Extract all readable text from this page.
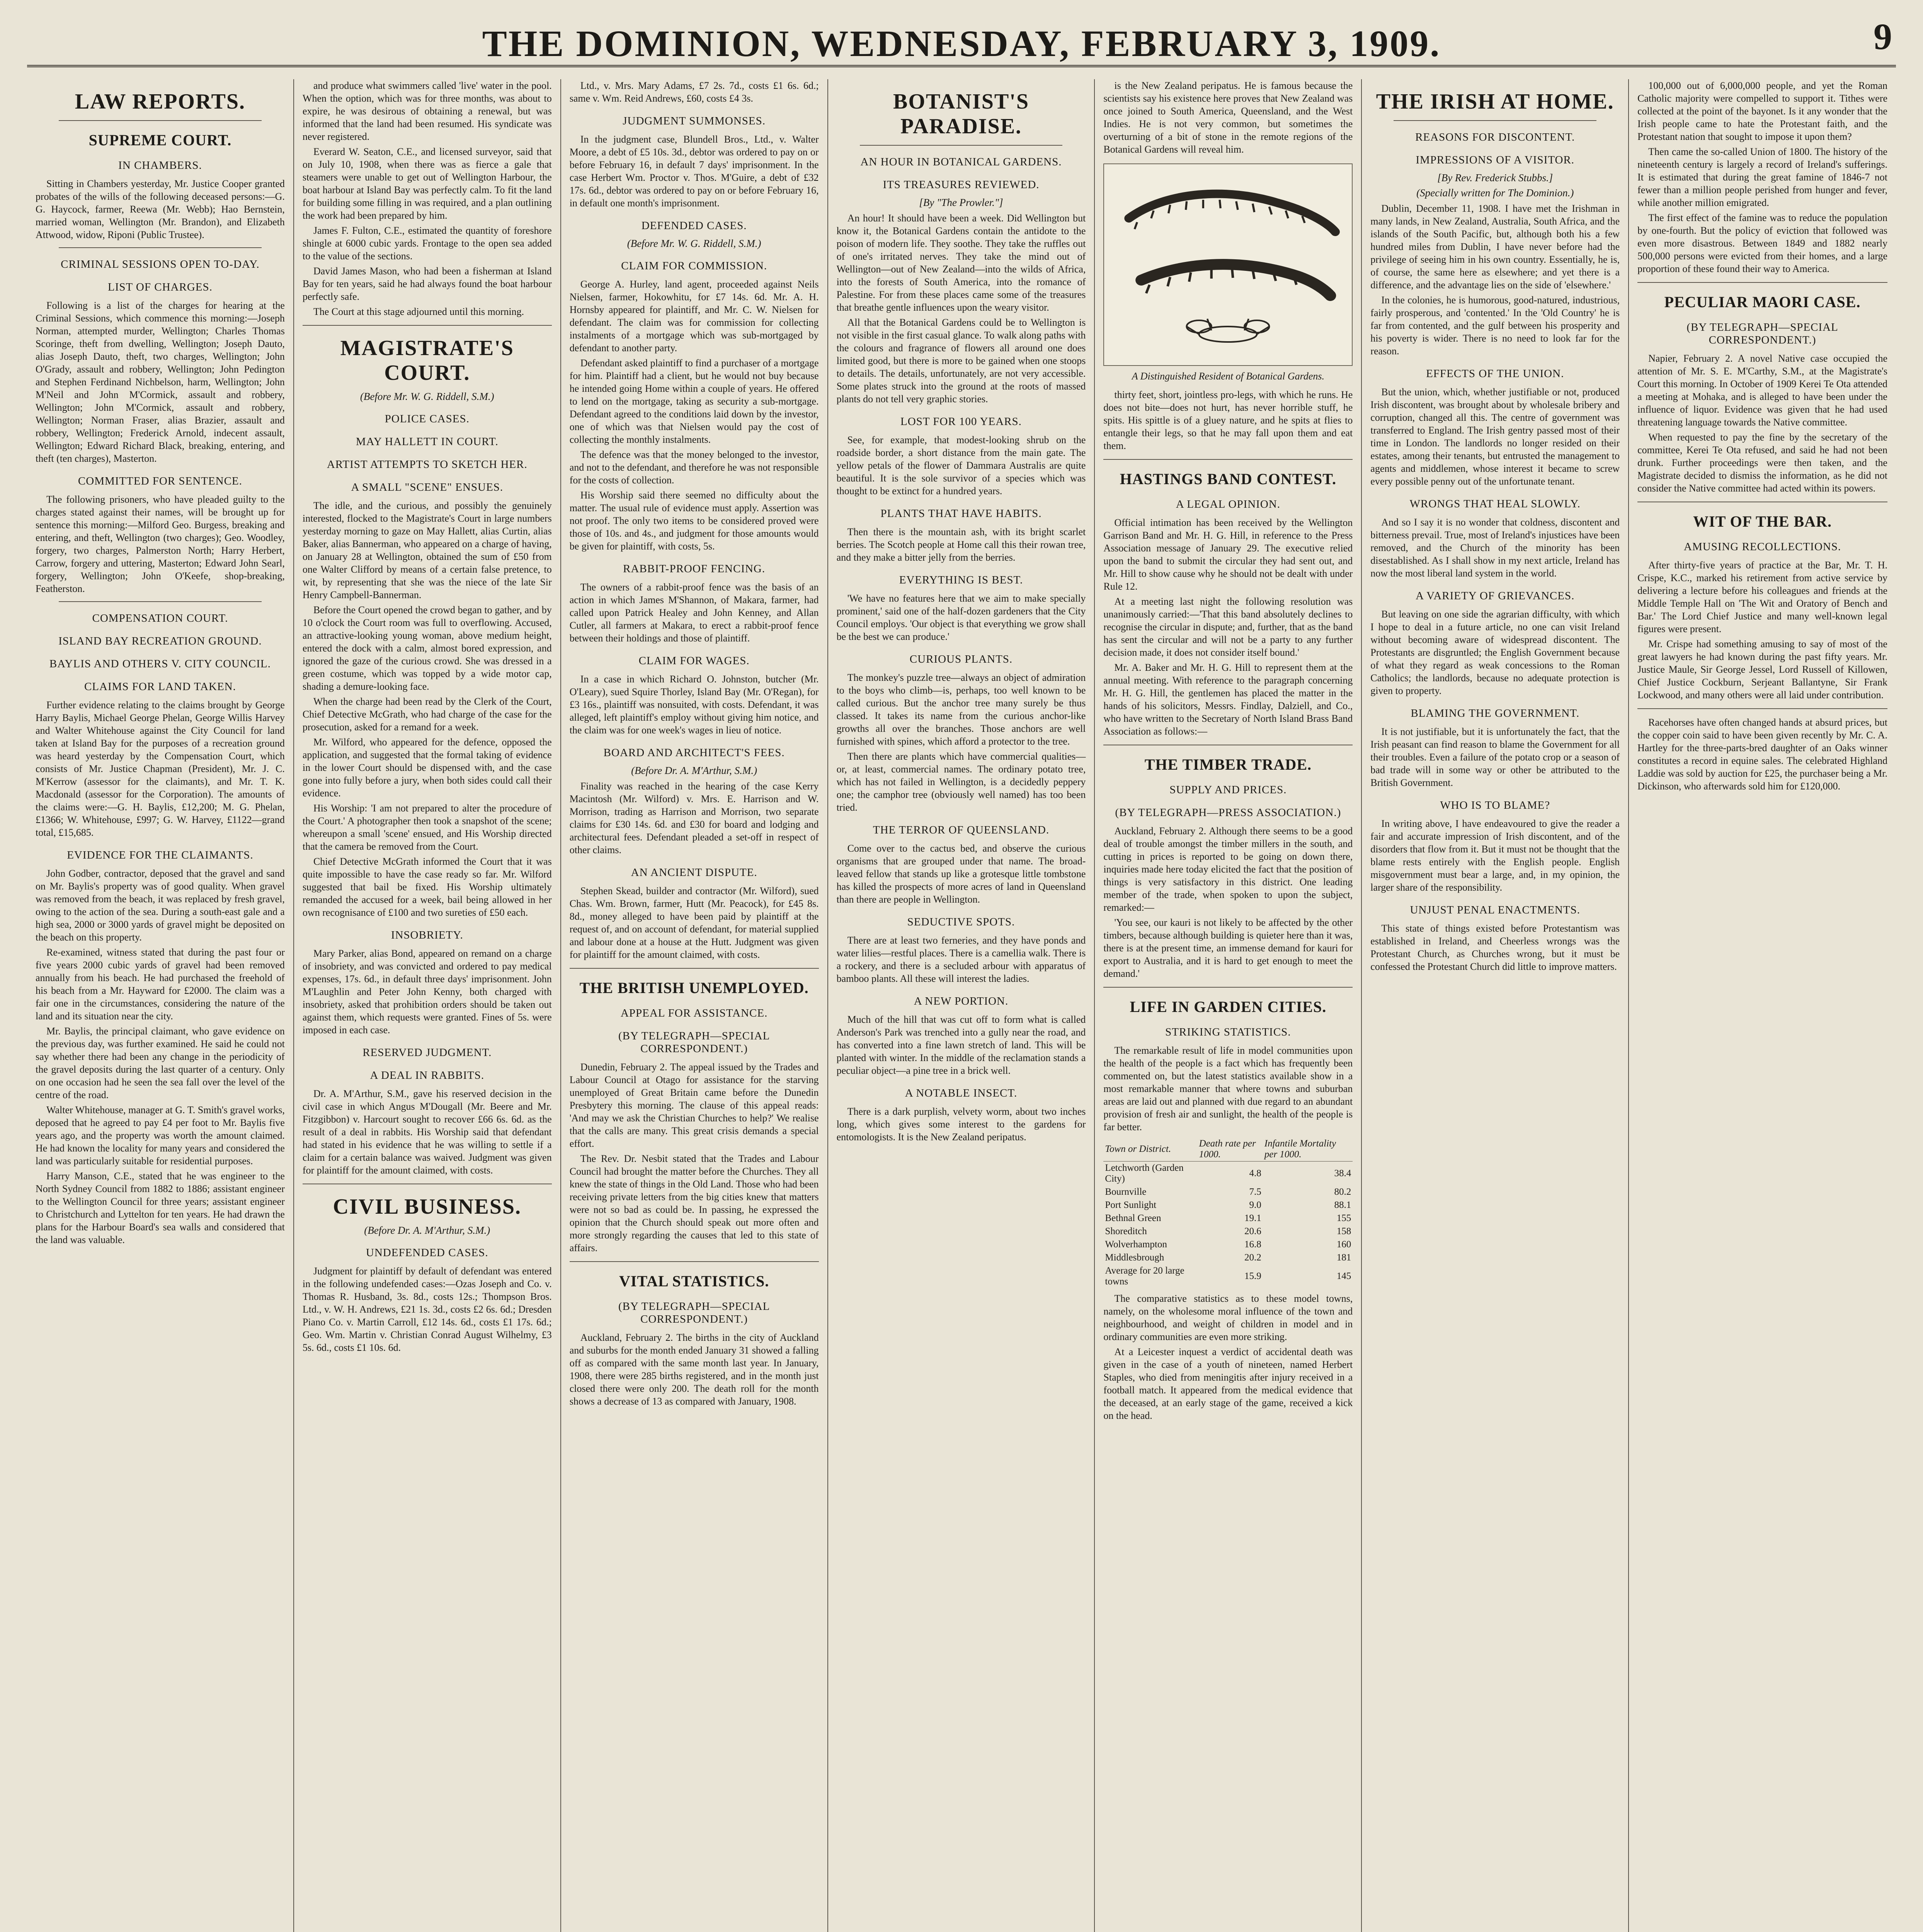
THE DOMINION, WEDNESDAY, FEBRUARY 3, 1909.	9
LAW REPORTS.
SUPREME COURT.
IN CHAMBERS.

Sitting in Chambers yesterday, Mr. Justice Cooper granted probates of the wills of the following deceased persons:—G. G. Haycock, farmer, Reewa (Mr. Webb); Hao Bernstein, married woman, Wellington (Mr. Brandon), and Elizabeth Attwood, widow, Riponi (Public Trustee).

CRIMINAL SESSIONS OPEN TO-DAY.
LIST OF CHARGES.

Following is a list of the charges for hearing at the Criminal Sessions, which commence this morning:—Joseph Norman, attempted murder, Wellington; Charles Thomas Scoringe, theft from dwelling, Wellington; Joseph Dauto, alias Joseph Dauto, theft, two charges, Wellington; John O'Grady, assault and robbery, Wellington; John Pedington and Stephen Ferdinand Nichbelson, harm, Wellington; John M'Neil and John M'Cormick, assault and robbery, Wellington; John M'Cormick, assault and robbery, Wellington; Norman Fraser, alias Brazier, assault and robbery, Wellington; Frederick Arnold, indecent assault, Wellington; Edward Richard Black, breaking, entering, and theft (ten charges), Masterton.

COMMITTED FOR SENTENCE.

The following prisoners, who have pleaded guilty to the charges stated against their names, will be brought up for sentence this morning:—Milford Geo. Burgess, breaking and entering, and theft, Wellington (two charges); Geo. Woodley, forgery, two charges, Palmerston North; Harry Herbert, Carrow, forgery and uttering, Masterton; Edward John Searl, forgery, Wellington; John O'Keefe, shop-breaking, Featherston.

COMPENSATION COURT.
ISLAND BAY RECREATION GROUND.
BAYLIS AND OTHERS V. CITY COUNCIL.
CLAIMS FOR LAND TAKEN.

Further evidence relating to the claims brought by George Harry Baylis, Michael George Phelan, George Willis Harvey and Walter Whitehouse against the City Council for land taken at Island Bay for the purposes of a recreation ground was heard yesterday by the Compensation Court, which consists of Mr. Justice Chapman (President), Mr. J. C. M'Kerrow (assessor for the claimants), and Mr. T. K. Macdonald (assessor for the Corporation). The amounts of the claims were:—G. H. Baylis, £12,200; M. G. Phelan, £1366; W. Whitehouse, £997; G. W. Harvey, £1122—grand total, £15,685.

EVIDENCE FOR THE CLAIMANTS.

John Godber, contractor, deposed that the gravel and sand on Mr. Baylis's property was of good quality. When gravel was removed from the beach, it was replaced by fresh gravel, owing to the action of the sea. During a south-east gale and a high sea, 2000 or 3000 yards of gravel might be deposited on the beach on this property.

Re-examined, witness stated that during the past four or five years 2000 cubic yards of gravel had been removed annually from his beach. He had purchased the freehold of his beach from a Mr. Hayward for £2000. The claim was a fair one in the circumstances, considering the nature of the land and its situation near the city.

Mr. Baylis, the principal claimant, who gave evidence on the previous day, was further examined. He said he could not say whether there had been any change in the periodicity of the gravel deposits during the last quarter of a century. Only on one occasion had he seen the sea fall over the level of the centre of the road.

Walter Whitehouse, manager at G. T. Smith's gravel works, deposed that he agreed to pay £4 per foot to Mr. Baylis five years ago, and the property was worth the amount claimed. He had known the locality for many years and considered the land was particularly suitable for residential purposes.

Harry Manson, C.E., stated that he was engineer to the North Sydney Council from 1882 to 1886; assistant engineer to the Wellington Council for three years; assistant engineer to Christchurch and Lyttelton for ten years. He had drawn the plans for the Harbour Board's sea walls and considered that the land was valuable.

and produce what swimmers called 'live' water in the pool. When the option, which was for three months, was about to expire, he was desirous of obtaining a renewal, but was informed that the land had been resumed. His syndicate was never registered.

Everard W. Seaton, C.E., and licensed surveyor, said that on July 10, 1908, when there was as fierce a gale that steamers were unable to get out of Wellington Harbour, the boat harbour at Island Bay was perfectly calm. To fit the land for building some filling in was required, and a plan outlining the work had been prepared by him.

James F. Fulton, C.E., estimated the quantity of foreshore shingle at 6000 cubic yards. Frontage to the open sea added to the value of the sections.

David James Mason, who had been a fisherman at Island Bay for ten years, said he had always found the boat harbour perfectly safe.

The Court at this stage adjourned until this morning.

MAGISTRATE'S COURT.
(Before Mr. W. G. Riddell, S.M.)
POLICE CASES.
MAY HALLETT IN COURT.
ARTIST ATTEMPTS TO SKETCH HER.
A SMALL "SCENE" ENSUES.

The idle, and the curious, and possibly the genuinely interested, flocked to the Magistrate's Court in large numbers yesterday morning to gaze on May Hallett, alias Curtin, alias Baker, alias Bannerman, who appeared on a charge of having, on January 28 at Wellington, obtained the sum of £50 from one Walter Clifford by means of a certain false pretence, to wit, by representing that she was the niece of the late Sir Henry Campbell-Bannerman.

Before the Court opened the crowd began to gather, and by 10 o'clock the Court room was full to overflowing. Accused, an attractive-looking young woman, above medium height, entered the dock with a calm, almost bored expression, and ignored the gaze of the curious crowd. She was dressed in a green costume, which was topped by a wide motor cap, shading a demure-looking face.

When the charge had been read by the Clerk of the Court, Chief Detective McGrath, who had charge of the case for the prosecution, asked for a remand for a week.

Mr. Wilford, who appeared for the defence, opposed the application, and suggested that the formal taking of evidence in the lower Court should be dispensed with, and the case gone into fully before a jury, when both sides could call their evidence.

His Worship: 'I am not prepared to alter the procedure of the Court.' A photographer then took a snapshot of the scene; whereupon a small 'scene' ensued, and His Worship directed that the camera be removed from the Court.

Chief Detective McGrath informed the Court that it was quite impossible to have the case ready so far. Mr. Wilford suggested that bail be fixed. His Worship ultimately remanded the accused for a week, bail being allowed in her own recognisance of £100 and two sureties of £50 each.

INSOBRIETY.

Mary Parker, alias Bond, appeared on remand on a charge of insobriety, and was convicted and ordered to pay medical expenses, 17s. 6d., in default three days' imprisonment. John M'Laughlin and Peter John Kenny, both charged with insobriety, asked that prohibition orders should be taken out against them, which requests were granted. Fines of 5s. were imposed in each case.

RESERVED JUDGMENT.
A DEAL IN RABBITS.

Dr. A. M'Arthur, S.M., gave his reserved decision in the civil case in which Angus M'Dougall (Mr. Beere and Mr. Fitzgibbon) v. Harcourt sought to recover £66 6s. 6d. as the result of a deal in rabbits. His Worship said that defendant had stated in his evidence that he was willing to settle if a claim for a certain balance was waived. Judgment was given for plaintiff for the amount claimed, with costs.

CIVIL BUSINESS.
(Before Dr. A. M'Arthur, S.M.)
UNDEFENDED CASES.

Judgment for plaintiff by default of defendant was entered in the following undefended cases:—Ozas Joseph and Co. v. Thomas R. Husband, 3s. 8d., costs 12s.; Thompson Bros. Ltd., v. W. H. Andrews, £21 1s. 3d., costs £2 6s. 6d.; Dresden Piano Co. v. Martin Carroll, £12 14s. 6d., costs £1 17s. 6d.; Geo. Wm. Martin v. Christian Conrad August Wilhelmy, £3 5s. 6d., costs £1 10s. 6d.

Ltd., v. Mrs. Mary Adams, £7 2s. 7d., costs £1 6s. 6d.; same v. Wm. Reid Andrews, £60, costs £4 3s.

JUDGMENT SUMMONSES.

In the judgment case, Blundell Bros., Ltd., v. Walter Moore, a debt of £5 10s. 3d., debtor was ordered to pay on or before February 16, in default 7 days' imprisonment. In the case Herbert Wm. Proctor v. Thos. M'Guire, a debt of £32 17s. 6d., debtor was ordered to pay on or before February 16, in default one month's imprisonment.

DEFENDED CASES.
(Before Mr. W. G. Riddell, S.M.)
CLAIM FOR COMMISSION.

George A. Hurley, land agent, proceeded against Neils Nielsen, farmer, Hokowhitu, for £7 14s. 6d. Mr. A. H. Hornsby appeared for plaintiff, and Mr. C. W. Nielsen for defendant. The claim was for commission for collecting instalments of a mortgage which was sub-mortgaged by defendant to another party.

Defendant asked plaintiff to find a purchaser of a mortgage for him. Plaintiff had a client, but he would not buy because he intended going Home within a couple of years. He offered to lend on the mortgage, taking as security a sub-mortgage. Defendant agreed to the conditions laid down by the investor, one of which was that Nielsen would pay the cost of collecting the monthly instalments.

The defence was that the money belonged to the investor, and not to the defendant, and therefore he was not responsible for the costs of collection.

His Worship said there seemed no difficulty about the matter. The usual rule of evidence must apply. Assertion was not proof. The only two items to be considered proved were those of 10s. and 4s., and judgment for those amounts would be given for plaintiff, with costs, 5s.

RABBIT-PROOF FENCING.

The owners of a rabbit-proof fence was the basis of an action in which James M'Shannon, of Makara, farmer, had called upon Patrick Healey and John Kenney, and Allan Cutler, all farmers at Makara, to erect a rabbit-proof fence between their holdings and those of plaintiff.

CLAIM FOR WAGES.

In a case in which Richard O. Johnston, butcher (Mr. O'Leary), sued Squire Thorley, Island Bay (Mr. O'Regan), for £3 16s., plaintiff was nonsuited, with costs. Defendant, it was alleged, left plaintiff's employ without giving him notice, and the claim was for one week's wages in lieu of notice.

BOARD AND ARCHITECT'S FEES.
(Before Dr. A. M'Arthur, S.M.)

Finality was reached in the hearing of the case Kerry Macintosh (Mr. Wilford) v. Mrs. E. Harrison and W. Morrison, trading as Harrison and Morrison, two separate claims for £30 14s. 6d. and £30 for board and lodging and architectural fees. Defendant pleaded a set-off in respect of other claims.

AN ANCIENT DISPUTE.

Stephen Skead, builder and contractor (Mr. Wilford), sued Chas. Wm. Brown, farmer, Hutt (Mr. Peacock), for £45 8s. 8d., money alleged to have been paid by plaintiff at the request of, and on account of defendant, for material supplied and labour done at a house at the Hutt. Judgment was given for plaintiff for the amount claimed, with costs.

THE BRITISH UNEMPLOYED.
APPEAL FOR ASSISTANCE.
(BY TELEGRAPH—SPECIAL CORRESPONDENT.)

Dunedin, February 2. The appeal issued by the Trades and Labour Council at Otago for assistance for the starving unemployed of Great Britain came before the Dunedin Presbytery this morning. The clause of this appeal reads: 'And may we ask the Christian Churches to help?' We realise that the calls are many. This great crisis demands a special effort.

The Rev. Dr. Nesbit stated that the Trades and Labour Council had brought the matter before the Churches. They all knew the state of things in the Old Land. Those who had been receiving private letters from the big cities knew that matters were not so bad as could be. In passing, he expressed the opinion that the Church should speak out more often and more strongly regarding the causes that led to this state of affairs.

VITAL STATISTICS.
(BY TELEGRAPH—SPECIAL CORRESPONDENT.)

Auckland, February 2. The births in the city of Auckland and suburbs for the month ended January 31 showed a falling off as compared with the same month last year. In January, 1908, there were 285 births registered, and in the month just closed there were only 200. The death roll for the month shows a decrease of 13 as compared with January, 1908.

BOTANIST'S PARADISE.
AN HOUR IN BOTANICAL GARDENS.
ITS TREASURES REVIEWED.
[By "The Prowler."]

An hour! It should have been a week. Did Wellington but know it, the Botanical Gardens contain the antidote to the poison of modern life. They soothe. They take the ruffles out of one's irritated nerves. They take the mind out of Wellington—out of New Zealand—into the wilds of Africa, into the forests of South America, into the romance of Palestine. For from these places came some of the treasures that breathe gentle influences upon the weary visitor.

All that the Botanical Gardens could be to Wellington is not visible in the first casual glance. To walk along paths with the colours and fragrance of flowers all around one does limited good, but there is more to be gained when one stoops to details. The details, unfortunately, are not very accessible. Some plates struck into the ground at the roots of massed plants do not tell very graphic stories.

LOST FOR 100 YEARS.

See, for example, that modest-looking shrub on the roadside border, a short distance from the main gate. The yellow petals of the flower of Dammara Australis are quite beautiful. It is the sole survivor of a species which was thought to be extinct for a hundred years.

PLANTS THAT HAVE HABITS.

Then there is the mountain ash, with its bright scarlet berries. The Scotch people at Home call this their rowan tree, and they make a bitter jelly from the berries.

EVERYTHING IS BEST.

'We have no features here that we aim to make specially prominent,' said one of the half-dozen gardeners that the City Council employs. 'Our object is that everything we grow shall be the best we can produce.'

CURIOUS PLANTS.

The monkey's puzzle tree—always an object of admiration to the boys who climb—is, perhaps, too well known to be called curious. But the anchor tree many surely be thus classed. It takes its name from the curious anchor-like growths all over the branches. Those anchors are well furnished with spines, which afford a protector to the tree.

Then there are plants which have commercial qualities—or, at least, commercial names. The ordinary potato tree, which has not failed in Wellington, is a decidedly peppery one; the camphor tree (obviously well named) has too been tried.

THE TERROR OF QUEENSLAND.

Come over to the cactus bed, and observe the curious organisms that are grouped under that name. The broad-leaved fellow that stands up like a grotesque little tombstone has killed the prospects of more acres of land in Queensland than there are people in Wellington.

SEDUCTIVE SPOTS.

There are at least two ferneries, and they have ponds and water lilies—restful places. There is a camellia walk. There is a rockery, and there is a secluded arbour with apparatus of bamboo plants. All these will interest the ladies.

A NEW PORTION.

Much of the hill that was cut off to form what is called Anderson's Park was trenched into a gully near the road, and has converted into a fine lawn stretch of land. This will be planted with winter. In the middle of the reclamation stands a peculiar object—a pine tree in a brick well.

A NOTABLE INSECT.

There is a dark purplish, velvety worm, about two inches long, which gives some interest to the gardens for entomologists. It is the New Zealand peripatus.

is the New Zealand peripatus. He is famous because the scientists say his existence here proves that New Zealand was once joined to South America, Queensland, and the West Indies. He is not very common, but sometimes the overturning of a bit of stone in the remote regions of the Botanical Gardens will reveal him.

A Distinguished Resident of Botanical Gardens.

thirty feet, short, jointless pro-legs, with which he runs. He does not bite—does not hurt, has never horrible stuff, he spits. His spittle is of a gluey nature, and he spits at flies to entangle their legs, so that he may fall upon them and eat them.

HASTINGS BAND CONTEST.
A LEGAL OPINION.

Official intimation has been received by the Wellington Garrison Band and Mr. H. G. Hill, in reference to the Press Association message of January 29. The executive relied upon the band to submit the circular they had sent out, and Mr. Hill to show cause why he should not be dealt with under Rule 12.

At a meeting last night the following resolution was unanimously carried:—'That this band absolutely declines to recognise the circular in dispute; and, further, that as the band has sent the circular and will not be a party to any further decision made, it does not consider itself bound.'

Mr. A. Baker and Mr. H. G. Hill to represent them at the annual meeting. With reference to the paragraph concerning Mr. H. G. Hill, the gentlemen has placed the matter in the hands of his solicitors, Messrs. Findlay, Dalziell, and Co., who have written to the Secretary of North Island Brass Band Association as follows:—

THE TIMBER TRADE.
SUPPLY AND PRICES.
(BY TELEGRAPH—PRESS ASSOCIATION.)

Auckland, February 2. Although there seems to be a good deal of trouble amongst the timber millers in the south, and cutting in prices is reported to be going on down there, inquiries made here today elicited the fact that the position of things is very satisfactory in this district. One leading member of the trade, when spoken to upon the subject, remarked:—

'You see, our kauri is not likely to be affected by the other timbers, because although building is quieter here than it was, there is at the present time, an immense demand for kauri for export to Australia, and it is hard to get enough to meet the demand.'

LIFE IN GARDEN CITIES.
STRIKING STATISTICS.

The remarkable result of life in model communities upon the health of the people is a fact which has frequently been commented on, but the latest statistics available show in a most remarkable manner that where towns and suburban areas are laid out and planned with due regard to an abundant provision of fresh air and sunlight, the health of the people is far better.

Town or District.	Death rate per 1000.	Infantile Mortality per 1000.
Letchworth (Garden City)	4.8	38.4
Bournville	7.5	80.2
Port Sunlight	9.0	88.1
Bethnal Green	19.1	155
Shoreditch	20.6	158
Wolverhampton	16.8	160
Middlesbrough	20.2	181
Average for 20 large towns	15.9	145

The comparative statistics as to these model towns, namely, on the wholesome moral influence of the town and neighbourhood, and weight of children in model and in ordinary communities are even more striking.

At a Leicester inquest a verdict of accidental death was given in the case of a youth of nineteen, named Herbert Staples, who died from meningitis after injury received in a football match. It appeared from the medical evidence that the deceased, at an early stage of the game, received a kick on the head.

THE IRISH AT HOME.
REASONS FOR DISCONTENT.
IMPRESSIONS OF A VISITOR.
[By Rev. Frederick Stubbs.]
(Specially written for The Dominion.)

Dublin, December 11, 1908. I have met the Irishman in many lands, in New Zealand, Australia, South Africa, and the islands of the South Pacific, but, although both his a few hundred miles from Dublin, I have never before had the privilege of seeing him in his own country. Essentially, he is, of course, the same here as elsewhere; and yet there is a difference, and the advantage lies on the side of 'elsewhere.'

In the colonies, he is humorous, good-natured, industrious, fairly prosperous, and 'contented.' In the 'Old Country' he is far from contented, and the gulf between his prosperity and his poverty is wider. There is no need to look far for the reason.

EFFECTS OF THE UNION.

But the union, which, whether justifiable or not, produced Irish discontent, was brought about by wholesale bribery and corruption, changed all this. The centre of government was transferred to England. The Irish gentry passed most of their time in London. The landlords no longer resided on their estates, among their tenants, but entrusted the management to agents and middlemen, whose interest it became to screw every possible penny out of the unfortunate tenant.

WRONGS THAT HEAL SLOWLY.

And so I say it is no wonder that coldness, discontent and bitterness prevail. True, most of Ireland's injustices have been removed, and the Church of the minority has been disestablished. As I shall show in my next article, Ireland has now the most liberal land system in the world.

A VARIETY OF GRIEVANCES.

But leaving on one side the agrarian difficulty, with which I hope to deal in a future article, no one can visit Ireland without becoming aware of widespread discontent. The Protestants are disgruntled; the English Government because of what they regard as weak concessions to the Roman Catholics; the landlords, because no adequate protection is given to property.

BLAMING THE GOVERNMENT.

It is not justifiable, but it is unfortunately the fact, that the Irish peasant can find reason to blame the Government for all their troubles. Even a failure of the potato crop or a season of bad trade will in some way or other be attributed to the British Government.

WHO IS TO BLAME?

In writing above, I have endeavoured to give the reader a fair and accurate impression of Irish discontent, and of the disorders that flow from it. But it must not be thought that the blame rests entirely with the English people. English misgovernment must bear a large, and, in my opinion, the larger share of the responsibility.

UNJUST PENAL ENACTMENTS.

This state of things existed before Protestantism was established in Ireland, and Cheerless wrongs was the Protestant Church, as Churches wrong, but it must be confessed the Protestant Church did little to improve matters.

100,000 out of 6,000,000 people, and yet the Roman Catholic majority were compelled to support it. Tithes were collected at the point of the bayonet. Is it any wonder that the Irish people came to hate the Protestant faith, and the Protestant nation that sought to impose it upon them?

Then came the so-called Union of 1800. The history of the nineteenth century is largely a record of Ireland's sufferings. It is estimated that during the great famine of 1846-7 not fewer than a million people perished from hunger and fever, while another million emigrated.

The first effect of the famine was to reduce the population by one-fourth. But the policy of eviction that followed was even more disastrous. Between 1849 and 1882 nearly 500,000 persons were evicted from their homes, and a large proportion of these found their way to America.

PECULIAR MAORI CASE.
(BY TELEGRAPH—SPECIAL CORRESPONDENT.)

Napier, February 2. A novel Native case occupied the attention of Mr. S. E. M'Carthy, S.M., at the Magistrate's Court this morning. In October of 1909 Kerei Te Ota attended a meeting at Mohaka, and is alleged to have been under the influence of liquor. Evidence was given that he had used threatening language towards the Native committee.

When requested to pay the fine by the secretary of the committee, Kerei Te Ota refused, and said he had not been drunk. Further proceedings were then taken, and the Magistrate decided to dismiss the information, as he did not consider the Native committee had acted within its powers.

WIT OF THE BAR.
AMUSING RECOLLECTIONS.

After thirty-five years of practice at the Bar, Mr. T. H. Crispe, K.C., marked his retirement from active service by delivering a lecture before his colleagues and friends at the Middle Temple Hall on 'The Wit and Oratory of Bench and Bar.' The Lord Chief Justice and many well-known legal figures were present.

Mr. Crispe had something amusing to say of most of the great lawyers he had known during the past fifty years. Mr. Justice Maule, Sir George Jessel, Lord Russell of Killowen, Chief Justice Cockburn, Serjeant Ballantyne, Sir Frank Lockwood, and many others were all laid under contribution.

Racehorses have often changed hands at absurd prices, but the copper coin said to have been given recently by Mr. C. A. Hartley for the three-parts-bred daughter of an Oaks winner constitutes a record in equine sales. The celebrated Highland Laddie was sold by auction for £25, the purchaser being a Mr. Dickinson, who afterwards sold him for £120,000.
